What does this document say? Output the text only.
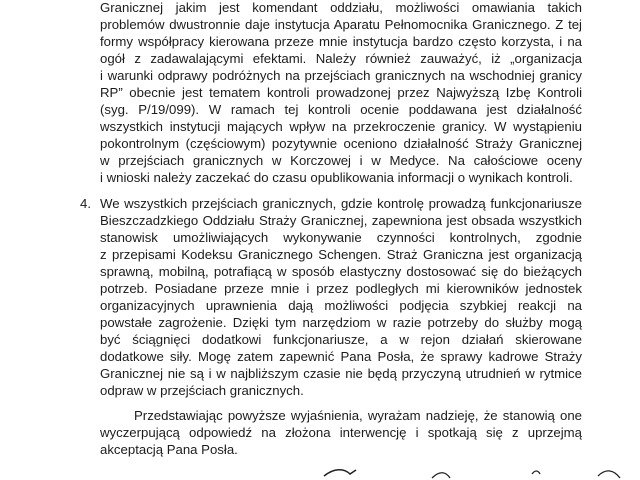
Granicznej jakim jest komendant oddziału, możliwości omawiania takich
problemów dwustronnie daje instytucja Aparatu Pełnomocnika Granicznego. Z tej
formy współpracy kierowana przeze mnie instytucja bardzo często korzysta, i na
ogół z zadawalającymi efektami. Należy również zauważyć, iż „organizacja
i warunki odprawy podróżnych na przejściach granicznych na wschodniej granicy
RP” obecnie jest tematem kontroli prowadzonej przez Najwyższą Izbę Kontroli
(syg. P/19/099). W ramach tej kontroli ocenie poddawana jest działalność
wszystkich instytucji mających wpływ na przekroczenie granicy. W wystąpieniu
pokontrolnym (częściowym) pozytywnie oceniono działalność Straży Granicznej
w przejściach granicznych w Korczowej i w Medyce. Na całościowe oceny
i wnioski należy zaczekać do czasu opublikowania informacji o wynikach kontroli.
4. We wszystkich przejściach granicznych, gdzie kontrolę prowadzą funkcjonariusze
Bieszczadzkiego Oddziału Straży Granicznej, zapewniona jest obsada wszystkich
stanowisk umożliwiających wykonywanie czynności kontrolnych, zgodnie
z przepisami Kodeksu Granicznego Schengen. Straż Graniczna jest organizacją
sprawną, mobilną, potrafiącą w sposób elastyczny dostosować się do bieżących
potrzeb. Posiadane przeze mnie i przez podległych mi kierowników jednostek
organizacyjnych uprawnienia dają możliwości podjęcia szybkiej reakcji na
powstałe zagrożenie. Dzięki tym narzędziom w razie potrzeby do służby mogą
być ściągnięci dodatkowi funkcjonariusze, a w rejon działań skierowane
dodatkowe siły. Mogę zatem zapewnić Pana Posła, że sprawy kadrowe Straży
Granicznej nie są i w najbliższym czasie nie będą przyczyną utrudnień w rytmice
odpraw w przejściach granicznych.
Przedstawiając powyższe wyjaśnienia, wyrażam nadzieję, że stanowią one
wyczerpującą odpowiedź na złożona interwencję i spotkają się z uprzejmą
akceptacją Pana Posła.
